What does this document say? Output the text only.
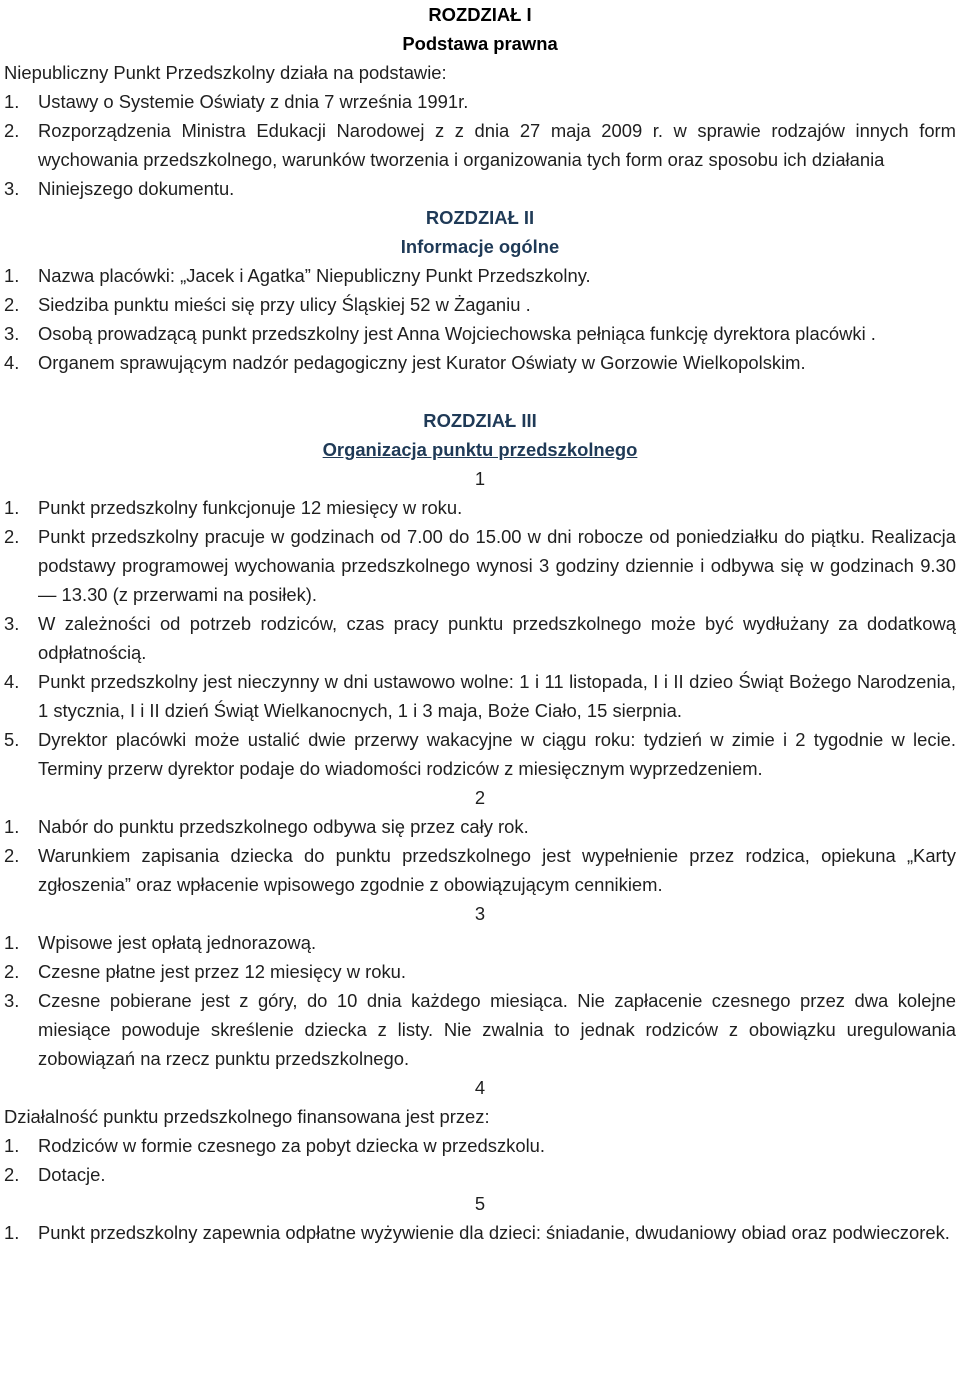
ROZDZIAŁ I

Podstawa prawna

Niepubliczny Punkt Przedszkolny działa na podstawie:

1.	Ustawy o Systemie Oświaty z dnia 7 września 1991r.
2.	Rozporządzenia Ministra Edukacji Narodowej z z dnia 27 maja 2009 r. w sprawie rodzajów innych form wychowania przedszkolnego, warunków tworzenia i organizowania tych form oraz sposobu ich działania
3.	Niniejszego dokumentu.

ROZDZIAŁ II

Informacje ogólne

1.	Nazwa placówki: „Jacek i Agatka” Niepubliczny Punkt Przedszkolny.
2.	Siedziba punktu mieści się przy ulicy Śląskiej 52 w Żaganiu .
3.	Osobą prowadzącą punkt przedszkolny jest Anna Wojciechowska pełniąca funkcję dyrektora placówki .
4.	Organem sprawującym nadzór pedagogiczny jest Kurator Oświaty w Gorzowie Wielkopolskim.

ROZDZIAŁ III

Organizacja punktu przedszkolnego

1

1.	Punkt przedszkolny funkcjonuje 12 miesięcy w roku.
2.	Punkt przedszkolny pracuje w godzinach od 7.00 do 15.00 w dni robocze od poniedziałku do piątku. Realizacja podstawy programowej wychowania przedszkolnego wynosi 3 godziny dziennie i odbywa się w godzinach 9.30 — 13.30 (z przerwami na posiłek).
3.	W zależności od potrzeb rodziców, czas pracy punktu przedszkolnego może być wydłużany za dodatkową odpłatnością.
4.	Punkt przedszkolny jest nieczynny w dni ustawowo wolne: 1 i 11 listopada, I i II dzieo Świąt Bożego Narodzenia, 1 stycznia, I i II dzień Świąt Wielkanocnych, 1 i 3 maja, Boże Ciało, 15 sierpnia.
5.	Dyrektor placówki może ustalić dwie przerwy wakacyjne w ciągu roku: tydzień w zimie i 2 tygodnie w lecie. Terminy przerw dyrektor podaje do wiadomości rodziców z miesięcznym wyprzedzeniem.

2

1.	Nabór do punktu przedszkolnego odbywa się przez cały rok.
2.	Warunkiem zapisania dziecka do punktu przedszkolnego jest wypełnienie przez rodzica, opiekuna „Karty zgłoszenia” oraz wpłacenie wpisowego zgodnie z obowiązującym cennikiem.

3

1.	Wpisowe jest opłatą jednorazową.
2.	Czesne płatne jest przez 12 miesięcy w roku.
3.	Czesne pobierane jest z góry, do 10 dnia każdego miesiąca. Nie zapłacenie czesnego przez dwa kolejne miesiące powoduje skreślenie dziecka z listy. Nie zwalnia to jednak rodziców z obowiązku uregulowania zobowiązań na rzecz punktu przedszkolnego.

4

Działalność punktu przedszkolnego finansowana jest przez:

1.	Rodziców w formie czesnego za pobyt dziecka w przedszkolu.
2.	Dotacje.

5

1.	Punkt przedszkolny zapewnia odpłatne wyżywienie dla dzieci: śniadanie, dwudaniowy obiad oraz podwieczorek.
